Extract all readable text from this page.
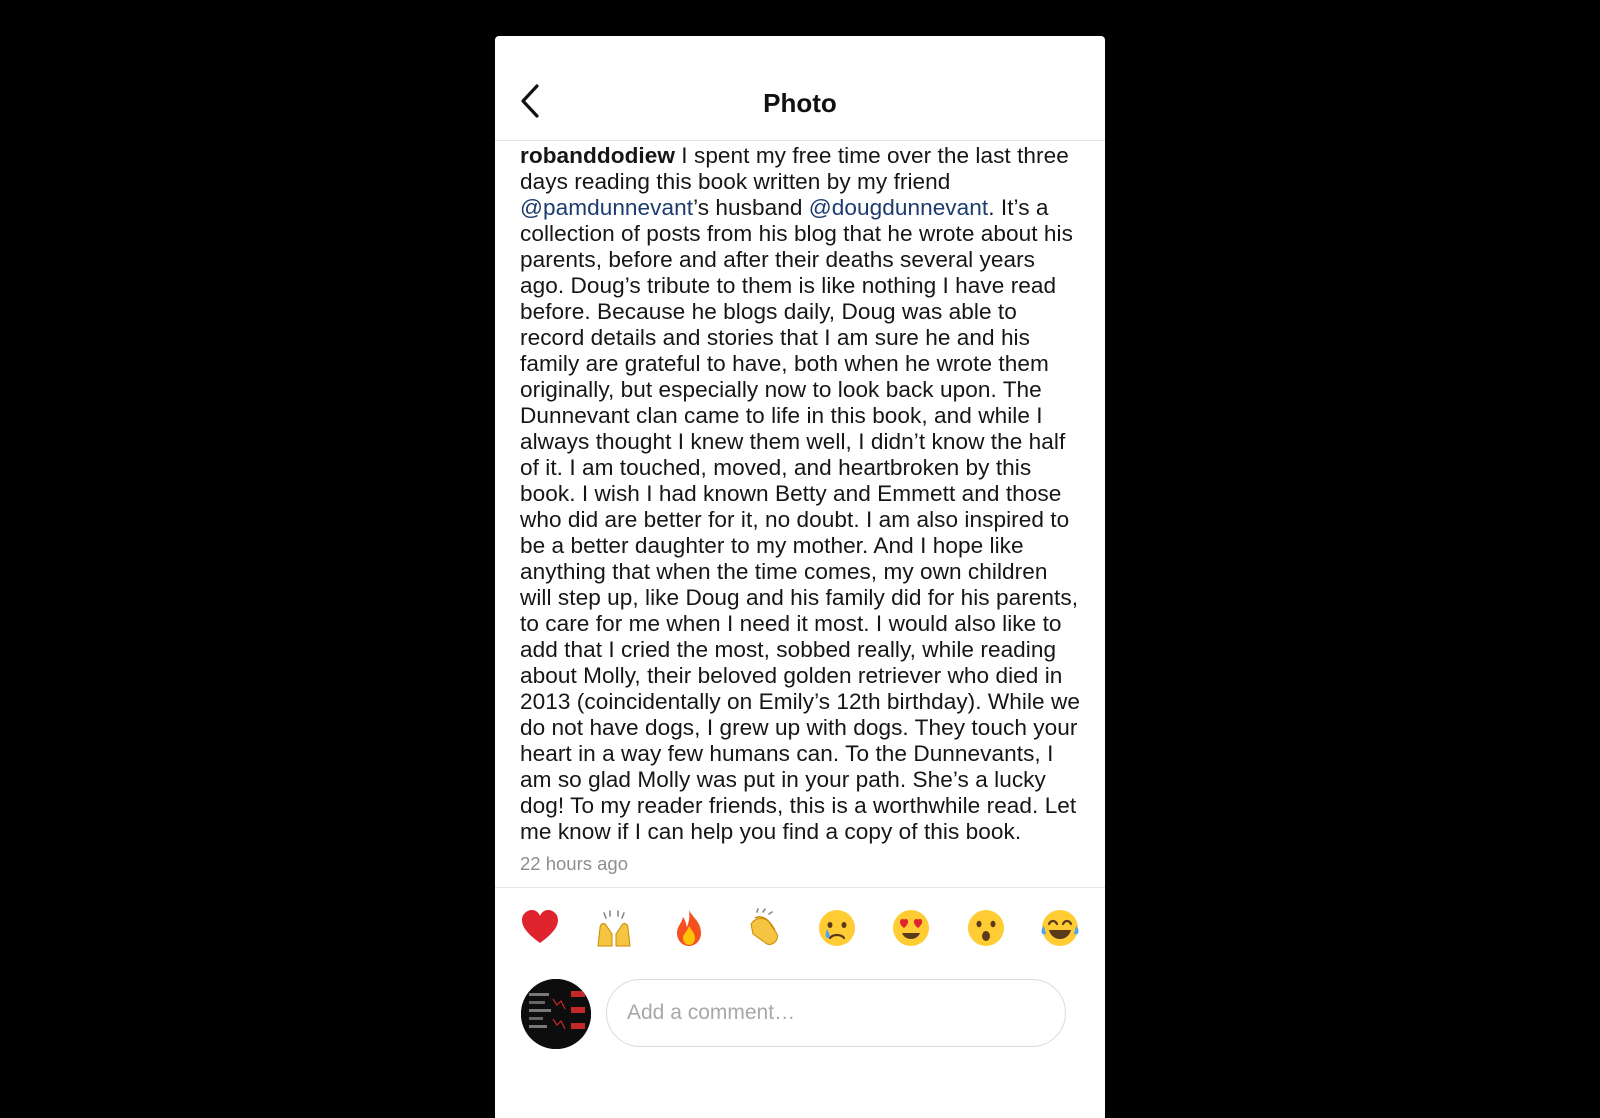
Photo

robanddodiew I spent my free time over the last three days reading this book written by my friend @pamdunnevant’s husband @dougdunnevant. It’s a collection of posts from his blog that he wrote about his parents, before and after their deaths several years ago. Doug’s tribute to them is like nothing I have read before. Because he blogs daily, Doug was able to record details and stories that I am sure he and his family are grateful to have, both when he wrote them originally, but especially now to look back upon. The Dunnevant clan came to life in this book, and while I always thought I knew them well, I didn’t know the half of it. I am touched, moved, and heartbroken by this book. I wish I had known Betty and Emmett and those who did are better for it, no doubt. I am also inspired to be a better daughter to my mother. And I hope like anything that when the time comes, my own children will step up, like Doug and his family did for his parents, to care for me when I need it most. I would also like to add that I cried the most, sobbed really, while reading about Molly, their beloved golden retriever who died in 2013 (coincidentally on Emily’s 12th birthday). While we do not have dogs, I grew up with dogs. They touch your heart in a way few humans can. To the Dunnevants, I am so glad Molly was put in your path. She’s a lucky dog! To my reader friends, this is a worthwhile read. Let me know if I can help you find a copy of this book.

22 hours ago
Add a comment…
